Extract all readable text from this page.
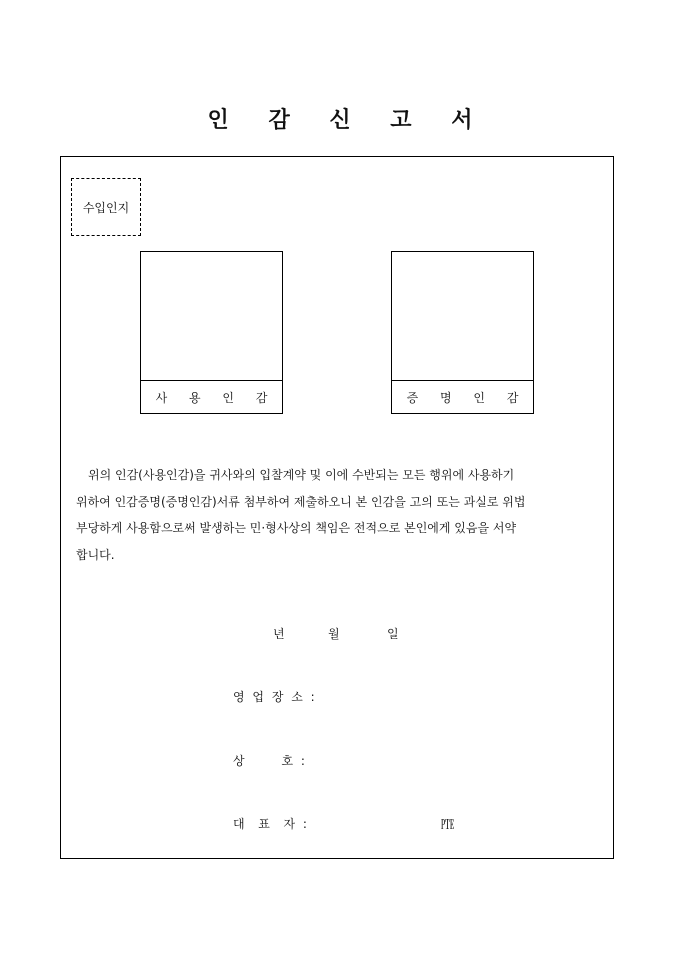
인 감 신 고 서
수입인지
사 용 인 감	증 명 인 감

위의 인감(사용인감)을 귀사와의 입찰계약 및 이에 수반되는 모든 행위에 사용하기

위하여 인감증명(증명인감)서류 첨부하여 제출하오니 본 인감을 고의 또는 과실로 위법

부당하게 사용함으로써 발생하는 민·형사상의 책임은 전적으로 본인에게 있음을 서약

합니다.

년	월	일
영 업 장 소 :
상      호 :
대  표  자 :	㉐
